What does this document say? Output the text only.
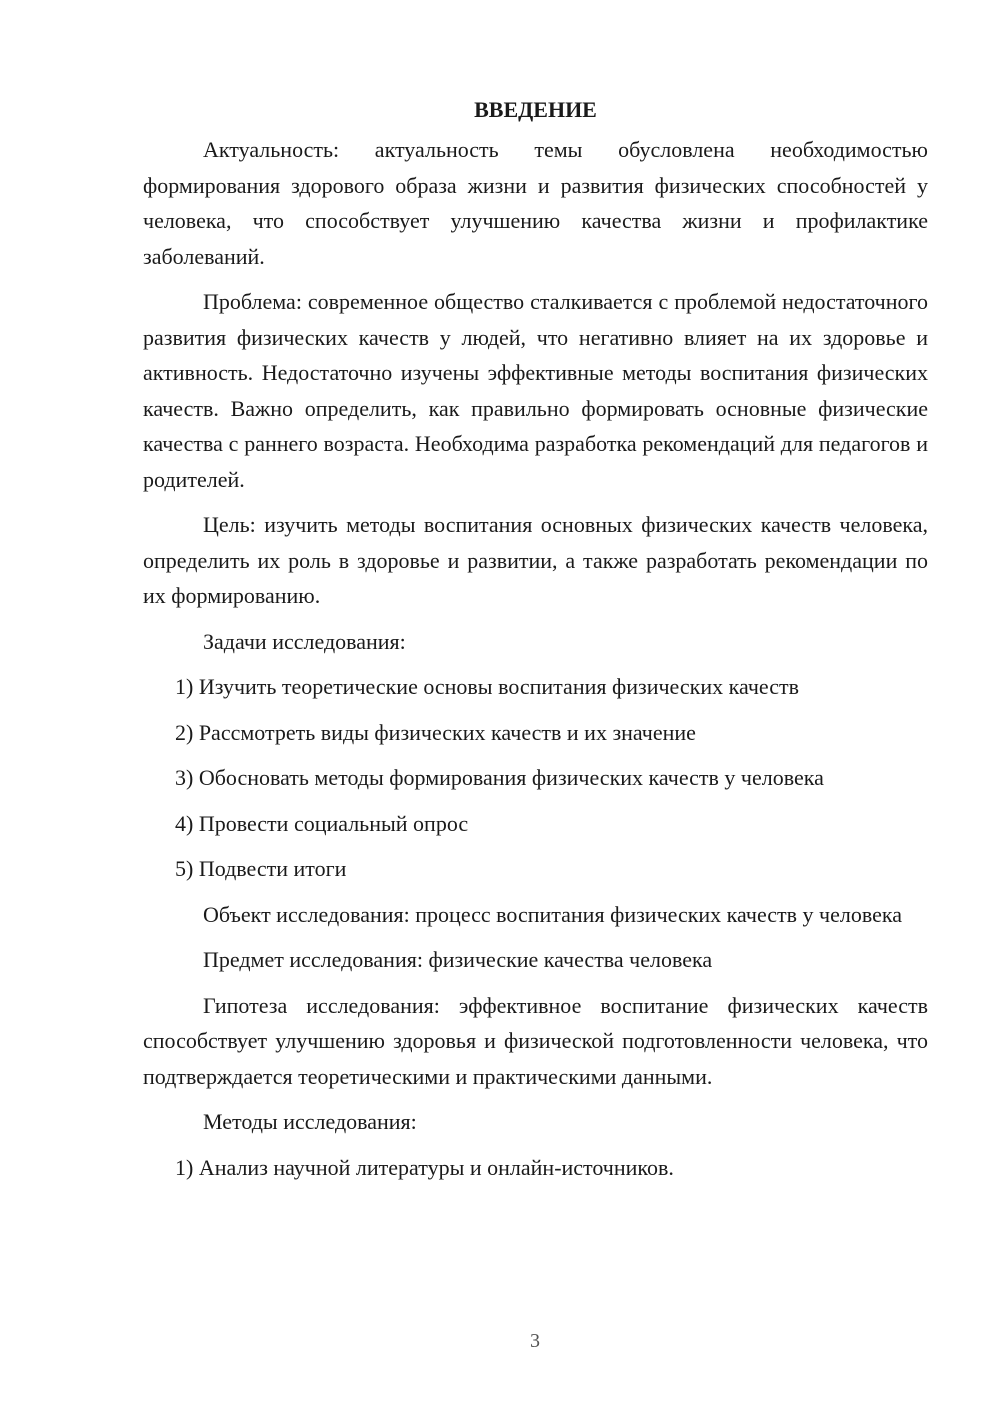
ВВЕДЕНИЕ

Актуальность: актуальность темы обусловлена необходимостью формирования здорового образа жизни и развития физических способностей у человека, что способствует улучшению качества жизни и профилактике заболеваний.

Проблема: современное общество сталкивается с проблемой недостаточного развития физических качеств у людей, что негативно влияет на их здоровье и активность. Недостаточно изучены эффективные методы воспитания физических качеств. Важно определить, как правильно формировать основные физические качества с раннего возраста. Необходима разработка рекомендаций для педагогов и родителей.

Цель: изучить методы воспитания основных физических качеств человека, определить их роль в здоровье и развитии, а также разработать рекомендации по их формированию.

Задачи исследования:

1) Изучить теоретические основы воспитания физических качеств
2) Рассмотреть виды физических качеств и их значение
3) Обосновать методы формирования физических качеств у человека
4) Провести социальный опрос
5) Подвести итоги

Объект исследования: процесс воспитания физических качеств у человека

Предмет исследования: физические качества человека

Гипотеза исследования: эффективное воспитание физических качеств способствует улучшению здоровья и физической подготовленности человека, что подтверждается теоретическими и практическими данными.

Методы исследования:

1) Анализ научной литературы и онлайн-источников.
3
